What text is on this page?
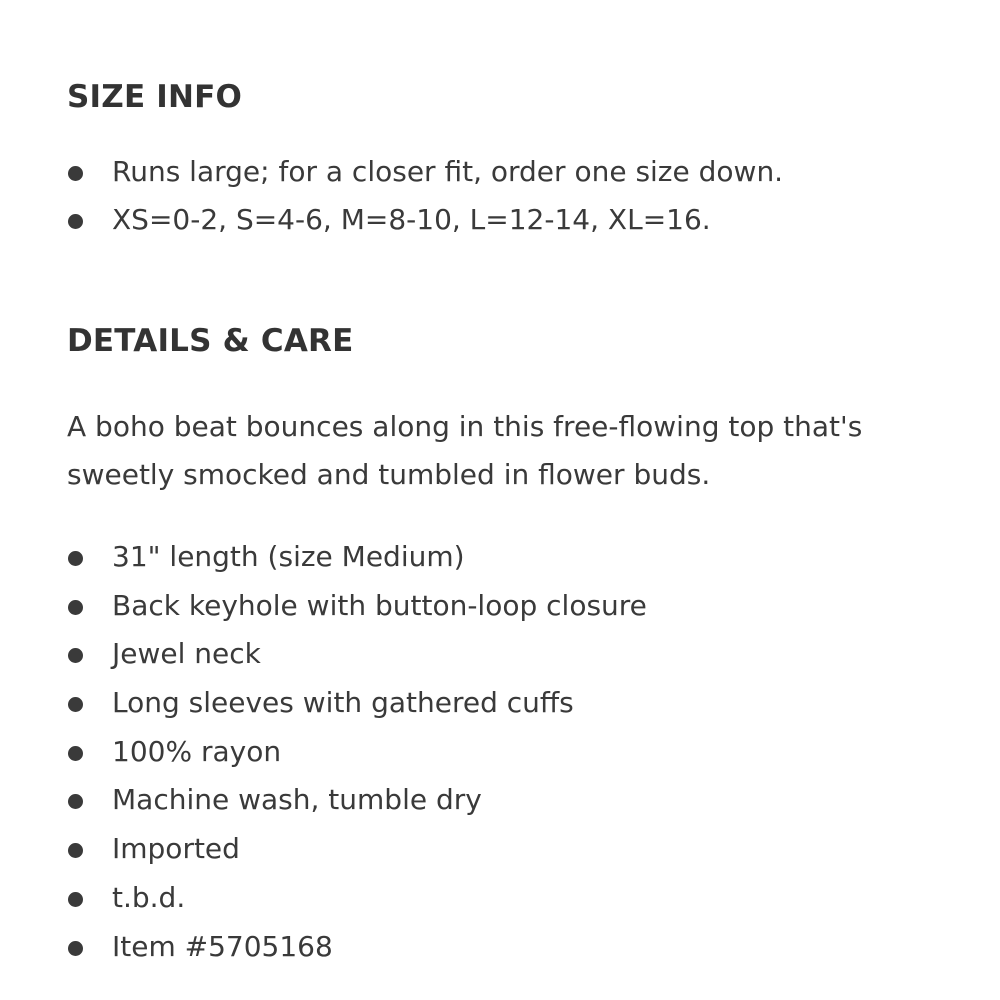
SIZE INFO
Runs large; for a closer fit, order one size down.
XS=0-2, S=4-6, M=8-10, L=12-14, XL=16.
DETAILS & CARE

A boho beat bounces along in this free-flowing top that's sweetly smocked and tumbled in flower buds.

31" length (size Medium)
Back keyhole with button-loop closure
Jewel neck
Long sleeves with gathered cuffs
100% rayon
Machine wash, tumble dry
Imported
t.b.d.
Item #5705168
